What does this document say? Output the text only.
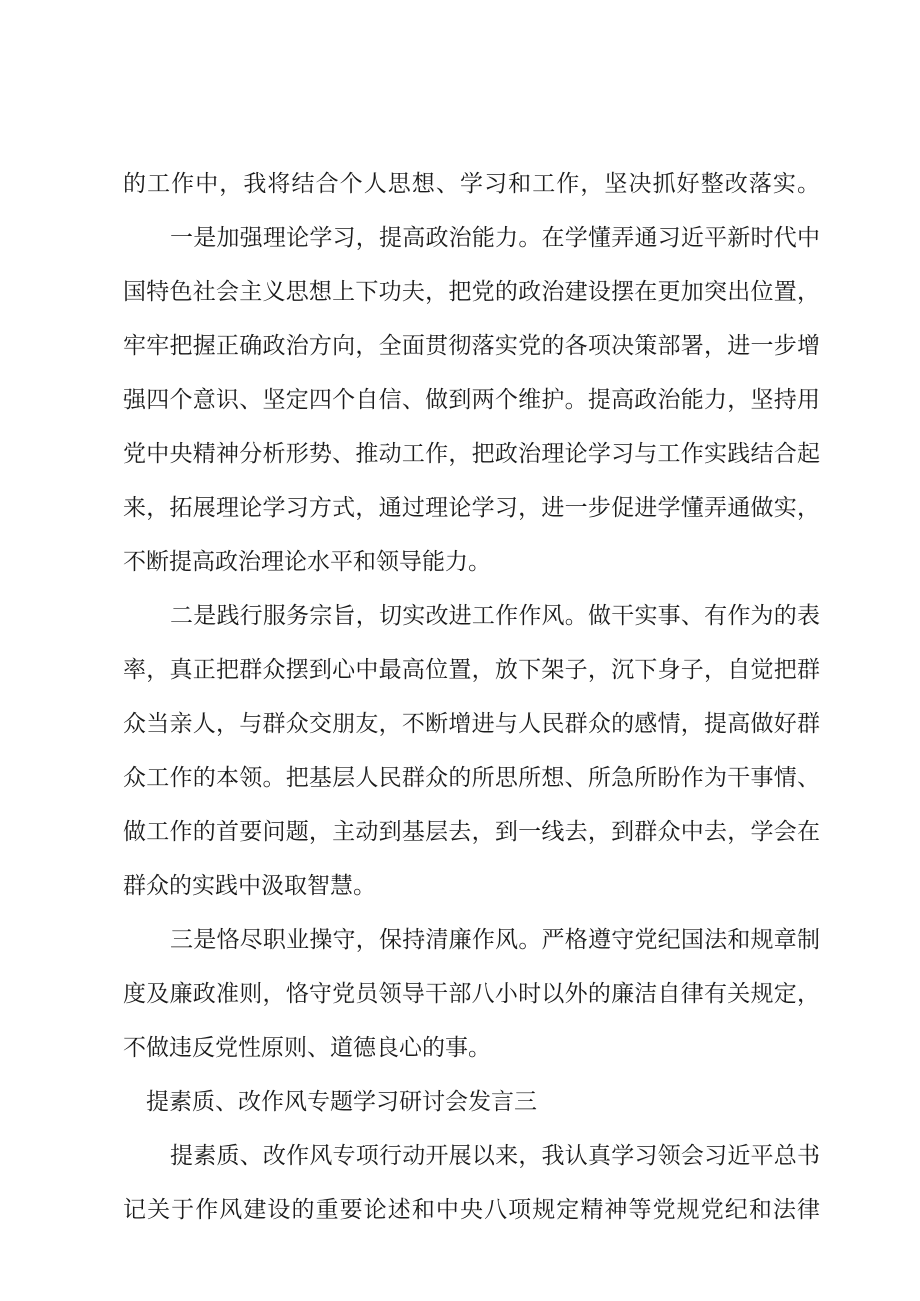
的工作中，我将结合个人思想、学习和工作，坚决抓好整改落实。
一是加强理论学习，提高政治能力。在学懂弄通习近平新时代中
国特色社会主义思想上下功夫，把党的政治建设摆在更加突出位置，
牢牢把握正确政治方向，全面贯彻落实党的各项决策部署，进一步增
强四个意识、坚定四个自信、做到两个维护。提高政治能力，坚持用
党中央精神分析形势、推动工作，把政治理论学习与工作实践结合起
来，拓展理论学习方式，通过理论学习，进一步促进学懂弄通做实，
不断提高政治理论水平和领导能力。
二是践行服务宗旨，切实改进工作作风。做干实事、有作为的表
率，真正把群众摆到心中最高位置，放下架子，沉下身子，自觉把群
众当亲人，与群众交朋友，不断增进与人民群众的感情，提高做好群
众工作的本领。把基层人民群众的所思所想、所急所盼作为干事情、
做工作的首要问题，主动到基层去，到一线去，到群众中去，学会在
群众的实践中汲取智慧。
三是恪尽职业操守，保持清廉作风。严格遵守党纪国法和规章制
度及廉政准则，恪守党员领导干部八小时以外的廉洁自律有关规定，
不做违反党性原则、道德良心的事。
提素质、改作风专题学习研讨会发言三
提素质、改作风专项行动开展以来，我认真学习领会习近平总书
记关于作风建设的重要论述和中央八项规定精神等党规党纪和法律
